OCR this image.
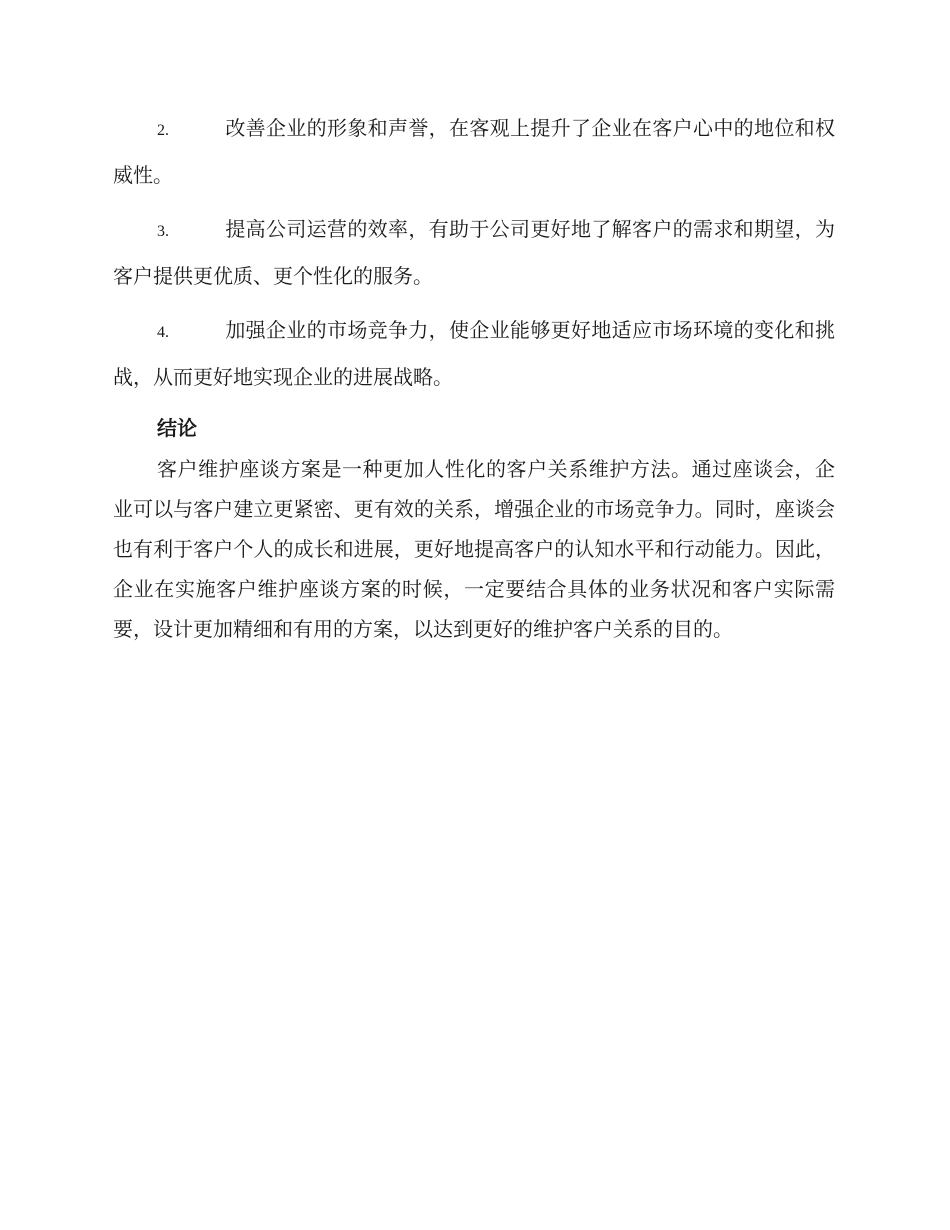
2.	改善企业的形象和声誉，在客观上提升了企业在客户心中的地位和权威性。
3.	提高公司运营的效率，有助于公司更好地了解客户的需求和期望，为客户提供更优质、更个性化的服务。
4.	加强企业的市场竞争力，使企业能够更好地适应市场环境的变化和挑战，从而更好地实现企业的进展战略。
结论

客户维护座谈方案是一种更加人性化的客户关系维护方法。通过座谈会，企业可以与客户建立更紧密、更有效的关系，增强企业的市场竞争力。同时，座谈会也有利于客户个人的成长和进展，更好地提高客户的认知水平和行动能力。因此，企业在实施客户维护座谈方案的时候，一定要结合具体的业务状况和客户实际需要，设计更加精细和有用的方案，以达到更好的维护客户关系的目的。
